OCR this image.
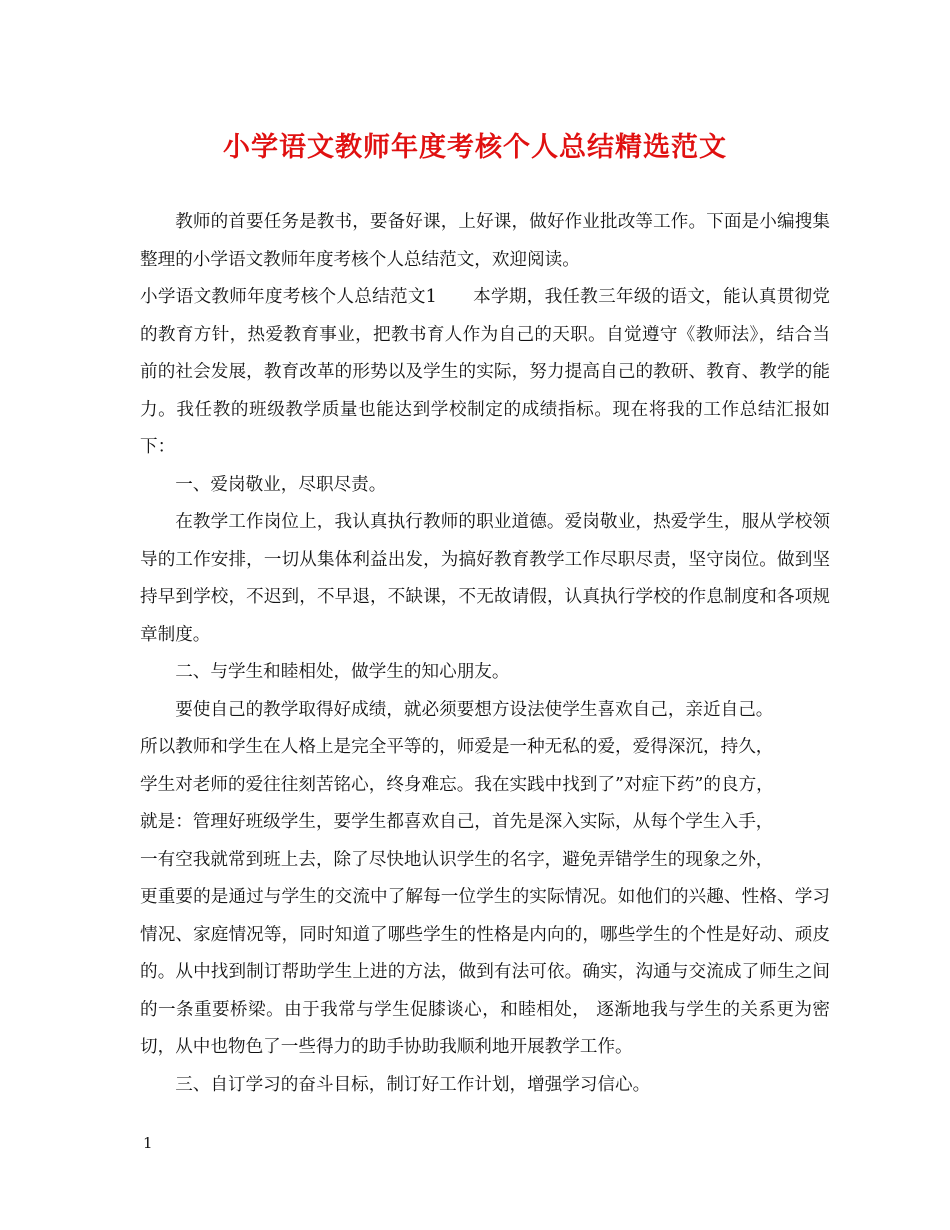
小学语文教师年度考核个人总结精选范文

教师的首要任务是教书，要备好课，上好课，做好作业批改等工作。下面是小编搜集整理的小学语文教师年度考核个人总结范文，欢迎阅读。

小学语文教师年度考核个人总结范文1 本学期，我任教三年级的语文，能认真贯彻党的教育方针，热爱教育事业，把教书育人作为自己的天职。自觉遵守《教师法》，结合当前的社会发展，教育改革的形势以及学生的实际，努力提高自己的教研、教育、教学的能力。我任教的班级教学质量也能达到学校制定的成绩指标。现在将我的工作总结汇报如下：

一、爱岗敬业，尽职尽责。

在教学工作岗位上，我认真执行教师的职业道德。爱岗敬业，热爱学生，服从学校领导的工作安排，一切从集体利益出发，为搞好教育教学工作尽职尽责，坚守岗位。做到坚持早到学校，不迟到，不早退，不缺课，不无故请假，认真执行学校的作息制度和各项规章制度。

二、与学生和睦相处，做学生的知心朋友。

要使自己的教学取得好成绩，就必须要想方设法使学生喜欢自己，亲近自己。

所以教师和学生在人格上是完全平等的，师爱是一种无私的爱，爱得深沉，持久，

学生对老师的爱往往刻苦铭心，终身难忘。我在实践中找到了”对症下药”的良方，

就是：管理好班级学生，要学生都喜欢自己，首先是深入实际，从每个学生入手，

一有空我就常到班上去，除了尽快地认识学生的名字，避免弄错学生的现象之外，

更重要的是通过与学生的交流中了解每一位学生的实际情况。如他们的兴趣、性格、学习情况、家庭情况等，同时知道了哪些学生的性格是内向的，哪些学生的个性是好动、顽皮的。从中找到制订帮助学生上进的方法，做到有法可依。确实，沟通与交流成了师生之间的一条重要桥梁。由于我常与学生促膝谈心，和睦相处， 逐渐地我与学生的关系更为密切，从中也物色了一些得力的助手协助我顺利地开展教学工作。

三、自订学习的奋斗目标，制订好工作计划，增强学习信心。

1
